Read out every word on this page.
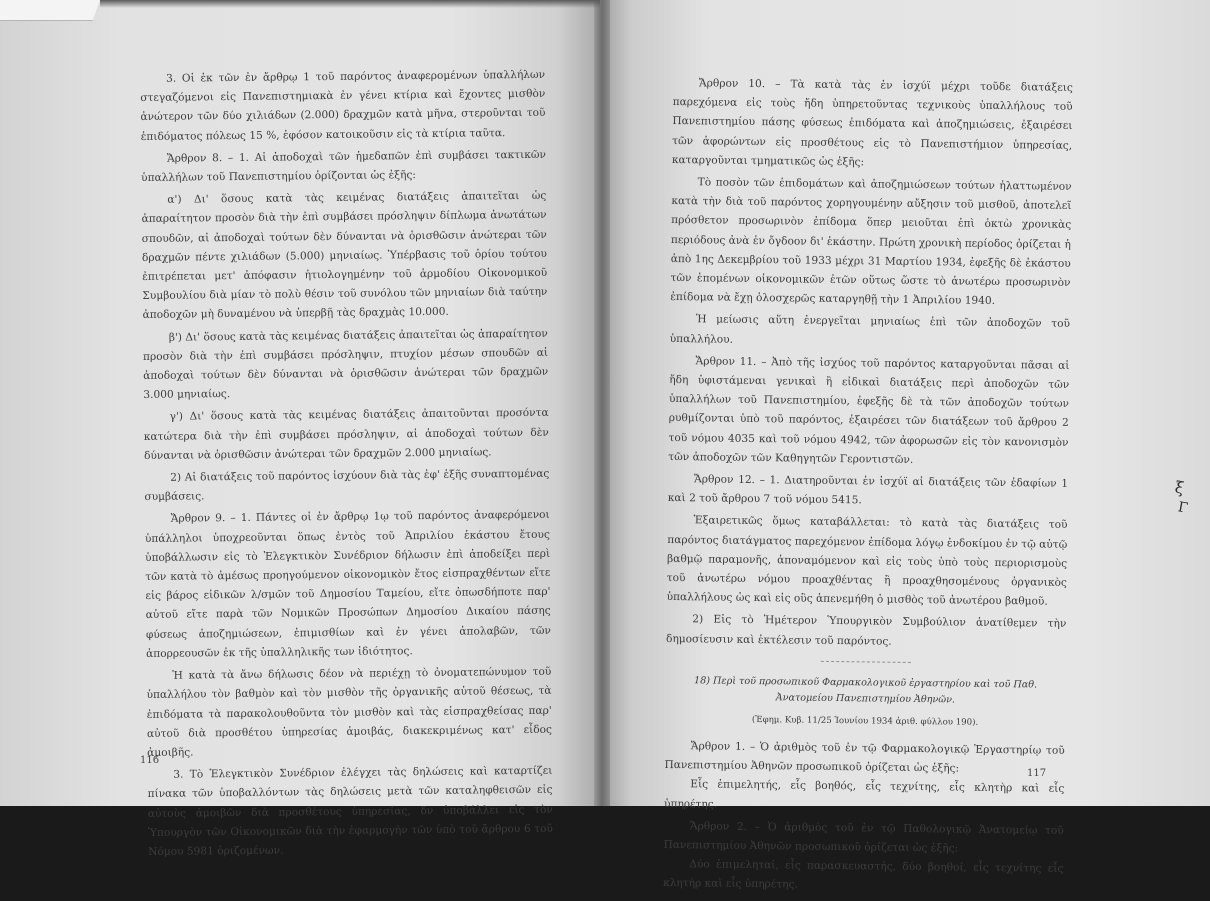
3. Οἱ ἐκ τῶν ἐν ἄρθρῳ 1 τοῦ παρόντος ἀναφερομένων ὑπαλλήλων στεγαζόμενοι εἰς Πανεπιστημιακὰ ἐν γένει κτίρια καὶ ἔχοντες μισθὸν ἀνώτερον τῶν δύο χιλιάδων (2.000) δραχμῶν κατὰ μῆνα, στεροῦνται τοῦ ἐπιδόματος πόλεως 15 %, ἐφόσον κατοικοῦσιν εἰς τὰ κτίρια ταῦτα.

Ἄρθρον 8. – 1. Αἱ ἀποδοχαὶ τῶν ἡμεδαπῶν ἐπὶ συμβάσει τακτικῶν ὑπαλλήλων τοῦ Πανεπιστημίου ὁρίζονται ὡς ἑξῆς:

α') Δι' ὅσους κατὰ τὰς κειμένας διατάξεις ἀπαιτεῖται ὡς ἀπαραίτητον προσὸν διὰ τὴν ἐπὶ συμβάσει πρόσληψιν δίπλωμα ἀνωτάτων σπουδῶν, αἱ ἀποδοχαὶ τούτων δὲν δύνανται νὰ ὁρισθῶσιν ἀνώτεραι τῶν δραχμῶν πέντε χιλιάδων (5.000) μηνιαίως. Ὑπέρβασις τοῦ ὁρίου τούτου ἐπιτρέπεται μετ' ἀπόφασιν ἠτιολογημένην τοῦ ἁρμοδίου Οἰκονομικοῦ Συμβουλίου διὰ μίαν τὸ πολὺ θέσιν τοῦ συνόλου τῶν μηνιαίων διὰ ταύτην ἀποδοχῶν μὴ δυναμένου νὰ ὑπερβῇ τὰς δραχμὰς 10.000.

β') Δι' ὅσους κατὰ τὰς κειμένας διατάξεις ἀπαιτεῖται ὡς ἀπαραίτητον προσὸν διὰ τὴν ἐπὶ συμβάσει πρόσληψιν, πτυχίον μέσων σπουδῶν αἱ ἀποδοχαὶ τούτων δὲν δύνανται νὰ ὁρισθῶσιν ἀνώτεραι τῶν δραχμῶν 3.000 μηνιαίως.

γ') Δι' ὅσους κατὰ τὰς κειμένας διατάξεις ἀπαιτοῦνται προσόντα κατώτερα διὰ τὴν ἐπὶ συμβάσει πρόσληψιν, αἱ ἀποδοχαὶ τούτων δὲν δύνανται νὰ ὁρισθῶσιν ἀνώτεραι τῶν δραχμῶν 2.000 μηνιαίως.

2) Αἱ διατάξεις τοῦ παρόντος ἰσχύουν διὰ τὰς ἐφ' ἑξῆς συναπτομένας συμβάσεις.

Ἄρθρον 9. – 1. Πάντες οἱ ἐν ἄρθρῳ 1ῳ τοῦ παρόντος ἀναφερόμενοι ὑπάλληλοι ὑποχρεοῦνται ὅπως ἐντὸς τοῦ Ἀπριλίου ἑκάστου ἔτους ὑποβάλλωσιν εἰς τὸ Ἐλεγκτικὸν Συνέδριον δήλωσιν ἐπὶ ἀποδείξει περὶ τῶν κατὰ τὸ ἀμέσως προηγούμενον οἰκονομικὸν ἔτος εἰσπραχθέντων εἴτε εἰς βάρος εἰδικῶν λ/σμῶν τοῦ Δημοσίου Ταμείου, εἴτε ὁπωσδήποτε παρ' αὐτοῦ εἴτε παρὰ τῶν Νομικῶν Προσώπων Δημοσίου Δικαίου πάσης φύσεως ἀποζημιώσεων, ἐπιμισθίων καὶ ἐν γένει ἀπολαβῶν, τῶν ἀπορρεουσῶν ἐκ τῆς ὑπαλληλικῆς των ἰδιότητος.

Ἡ κατὰ τὰ ἄνω δήλωσις δέον νὰ περιέχῃ τὸ ὀνοματεπώνυμον τοῦ ὑπαλλήλου τὸν βαθμὸν καὶ τὸν μισθὸν τῆς ὀργανικῆς αὐτοῦ θέσεως, τὰ ἐπιδόματα τὰ παρακολουθοῦντα τὸν μισθὸν καὶ τὰς εἰσπραχθείσας παρ' αὐτοῦ διὰ προσθέτου ὑπηρεσίας ἀμοιβάς, διακεκριμένως κατ' εἶδος ἀμοιβῆς.

3. Τὸ Ἐλεγκτικὸν Συνέδριον ἐλέγχει τὰς δηλώσεις καὶ καταρτίζει πίνακα τῶν ὑποβαλλόντων τὰς δηλώσεις μετὰ τῶν καταληφθεισῶν εἰς αὐτοὺς ἀμοιβῶν διὰ προσθέτους ὑπηρεσίας, δν ὑποβάλλει εἰς τὸν Ὑπουργὸν τῶν Οἰκονομικῶν διὰ τὴν ἐφαρμογὴν τῶν ὑπὸ τοῦ ἄρθρου 6 τοῦ Νόμου 5981 ὁριζομένων.

Ἄρθρον 10. – Τὰ κατὰ τὰς ἐν ἰσχύϊ μέχρι τοῦδε διατάξεις παρεχόμενα εἰς τοὺς ἤδη ὑπηρετοῦντας τεχνικοὺς ὑπαλλήλους τοῦ Πανεπιστημίου πάσης φύσεως ἐπιδόματα καὶ ἀποζημιώσεις, ἐξαιρέσει τῶν ἀφορώντων εἰς προσθέτους εἰς τὸ Πανεπιστήμιον ὑπηρεσίας, καταργοῦνται τμηματικῶς ὡς ἑξῆς:

Τὸ ποσὸν τῶν ἐπιδομάτων καὶ ἀποζημιώσεων τούτων ἠλαττωμένον κατὰ τὴν διὰ τοῦ παρόντος χορηγουμένην αὔξησιν τοῦ μισθοῦ, ἀποτελεῖ πρόσθετον προσωρινὸν ἐπίδομα ὅπερ μειοῦται ἐπὶ ὀκτὼ χρονικὰς περιόδους ἀνὰ ἐν ὄγδοον δι' ἑκάστην. Πρώτη χρονικὴ περίοδος ὁρίζεται ἡ ἀπὸ 1ης Δεκεμβρίου τοῦ 1933 μέχρι 31 Μαρτίου 1934, ἐφεξῆς δὲ ἑκάστου τῶν ἑπομένων οἰκονομικῶν ἐτῶν οὕτως ὥστε τὸ ἀνωτέρω προσωρινὸν ἐπίδομα νὰ ἔχῃ ὁλοσχερῶς καταργηθῇ τὴν 1 Ἀπριλίου 1940.

Ἡ μείωσις αὕτη ἐνεργεῖται μηνιαίως ἐπὶ τῶν ἀποδοχῶν τοῦ ὑπαλλήλου.

Ἄρθρον 11. – Ἀπὸ τῆς ἰσχύος τοῦ παρόντος καταργοῦνται πᾶσαι αἱ ἤδη ὑφιστάμεναι γενικαὶ ἢ εἰδικαὶ διατάξεις περὶ ἀποδοχῶν τῶν ὑπαλλήλων τοῦ Πανεπιστημίου, ἐφεξῆς δὲ τὰ τῶν ἀποδοχῶν τούτων ρυθμίζονται ὑπὸ τοῦ παρόντος, ἐξαιρέσει τῶν διατάξεων τοῦ ἄρθρου 2 τοῦ νόμου 4035 καὶ τοῦ νόμου 4942, τῶν ἀφορωσῶν εἰς τὸν κανονισμὸν τῶν ἀποδοχῶν τῶν Καθηγητῶν Γεροντιστῶν.

Ἄρθρον 12. – 1. Διατηροῦνται ἐν ἰσχύϊ αἱ διατάξεις τῶν ἐδαφίων 1 καὶ 2 τοῦ ἄρθρου 7 τοῦ νόμου 5415.

Ἐξαιρετικῶς ὅμως καταβάλλεται: τὸ κατὰ τὰς διατάξεις τοῦ παρόντος διατάγματος παρεχόμενον ἐπίδομα λόγῳ ἐνδοκίμου ἐν τῷ αὐτῷ βαθμῷ παραμονῆς, ἀποναμόμενον καὶ εἰς τοὺς ὑπὸ τοὺς περιορισμοὺς τοῦ ἀνωτέρω νόμου προαχθέντας ἢ προαχθησομένους ὀργανικὸς ὑπαλλήλους ὡς καὶ εἰς οὓς ἀπενεμήθη ὁ μισθὸς τοῦ ἀνωτέρου βαθμοῦ.

2) Εἰς τὸ Ἡμέτερον Ὑπουργικὸν Συμβούλιον ἀνατίθεμεν τὴν δημοσίευσιν καὶ ἐκτέλεσιν τοῦ παρόντος.

18) Περὶ τοῦ προσωπικοῦ Φαρμακολογικοῦ ἐργαστηρίου καὶ τοῦ Παθ. Ἀνατομείου Πανεπιστημίου Ἀθηνῶν.

(Ἐφημ. Κυβ. 11/25 Ἰουνίου 1934 ἀριθ. φύλλου 190).

Ἄρθρον 1. – Ὁ ἀριθμὸς τοῦ ἐν τῷ Φαρμακολογικῷ Ἐργαστηρίῳ τοῦ Πανεπιστημίου Ἀθηνῶν προσωπικοῦ ὁρίζεται ὡς ἑξῆς:

Εἷς ἐπιμελητής, εἷς βοηθός, εἷς τεχνίτης, εἷς κλητὴρ καὶ εἷς ὑπηρέτης.

Ἄρθρον 2. – Ὁ ἀριθμὸς τοῦ ἐν τῷ Παθολογικῷ Ἀνατομείῳ τοῦ Πανεπιστημίου Ἀθηνῶν προσωπικοῦ ὁρίζεται ὡς ἑξῆς:

Δύο ἐπιμεληταί, εἷς παρασκευαστής, δύο βοηθοί, εἷς τεχνίτης εἷς κλητὴρ καὶ εἷς ὑπηρέτης.

116
117
ξ
Γ
